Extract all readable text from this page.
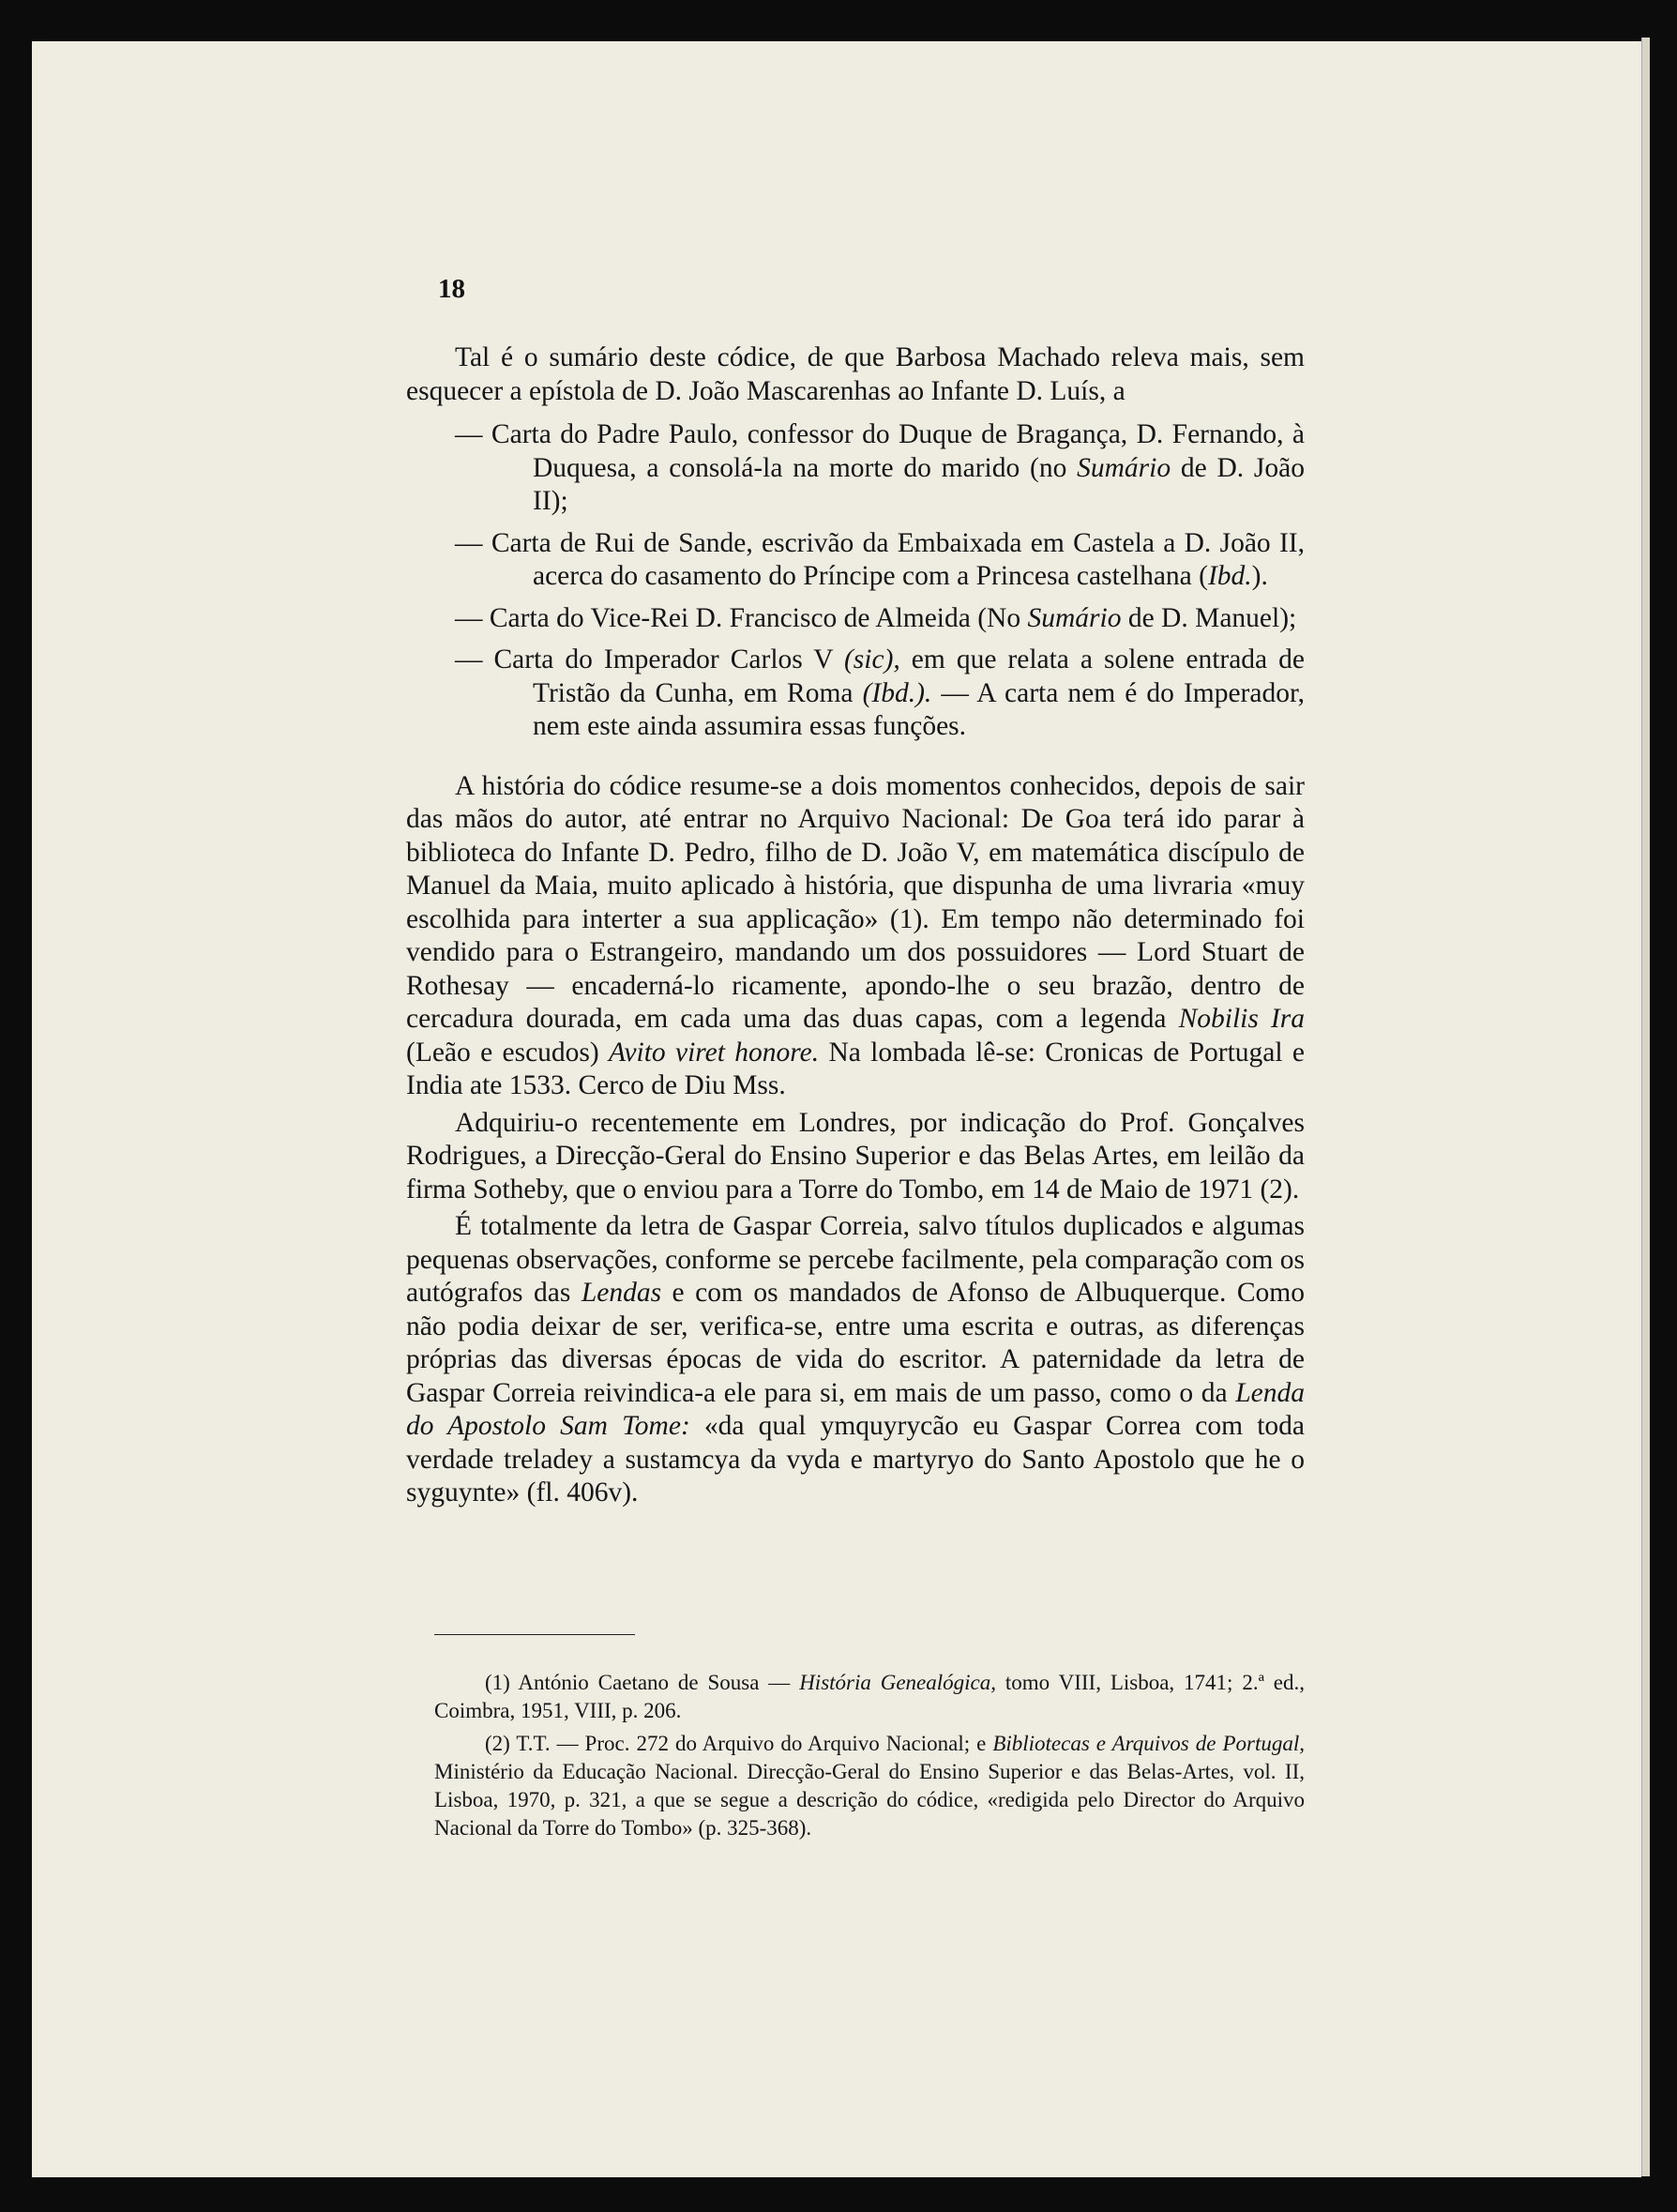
18

Tal é o sumário deste códice, de que Barbosa Machado releva mais, sem esquecer a epístola de D. João Mascarenhas ao Infante D. Luís, a

— Carta do Padre Paulo, confessor do Duque de Bragança, D. Fernando, à Duquesa, a consolá-la na morte do marido (no Sumário de D. João II);
— Carta de Rui de Sande, escrivão da Embaixada em Castela a D. João II, acerca do casamento do Príncipe com a Princesa castelhana (Ibd.).
— Carta do Vice-Rei D. Francisco de Almeida (No Sumário de D. Manuel);
— Carta do Imperador Carlos V (sic), em que relata a solene entrada de Tristão da Cunha, em Roma (Ibd.). — A carta nem é do Imperador, nem este ainda assumira essas funções.

A história do códice resume-se a dois momentos conhecidos, depois de sair das mãos do autor, até entrar no Arquivo Nacional: De Goa terá ido parar à biblioteca do Infante D. Pedro, filho de D. João V, em matemática discípulo de Manuel da Maia, muito aplicado à história, que dispunha de uma livraria «muy escolhida para interter a sua applicação» (1). Em tempo não determinado foi vendido para o Estrangeiro, mandando um dos possuidores — Lord Stuart de Rothesay — encaderná-lo ricamente, apondo-lhe o seu brazão, dentro de cercadura dourada, em cada uma das duas capas, com a legenda Nobilis Ira (Leão e escudos) Avito viret honore. Na lombada lê-se: Cronicas de Portugal e India ate 1533. Cerco de Diu Mss.

Adquiriu-o recentemente em Londres, por indicação do Prof. Gonçalves Rodrigues, a Direcção-Geral do Ensino Superior e das Belas Artes, em leilão da firma Sotheby, que o enviou para a Torre do Tombo, em 14 de Maio de 1971 (2).

É totalmente da letra de Gaspar Correia, salvo títulos duplicados e algumas pequenas observações, conforme se percebe facilmente, pela comparação com os autógrafos das Lendas e com os mandados de Afonso de Albuquerque. Como não podia deixar de ser, verifica-se, entre uma escrita e outras, as diferenças próprias das diversas épocas de vida do escritor. A paternidade da letra de Gaspar Correia reivindica-a ele para si, em mais de um passo, como o da Lenda do Apostolo Sam Tome: «da qual ymquyrycão eu Gaspar Correa com toda verdade treladey a sustamcya da vyda e martyryo do Santo Apostolo que he o syguynte» (fl. 406v).

(1) António Caetano de Sousa — História Genealógica, tomo VIII, Lisboa, 1741; 2.ª ed., Coimbra, 1951, VIII, p. 206.

(2) T.T. — Proc. 272 do Arquivo do Arquivo Nacional; e Bibliotecas e Arquivos de Portugal, Ministério da Educação Nacional. Direcção-Geral do Ensino Superior e das Belas-Artes, vol. II, Lisboa, 1970, p. 321, a que se segue a descrição do códice, «redigida pelo Director do Arquivo Nacional da Torre do Tombo» (p. 325-368).
